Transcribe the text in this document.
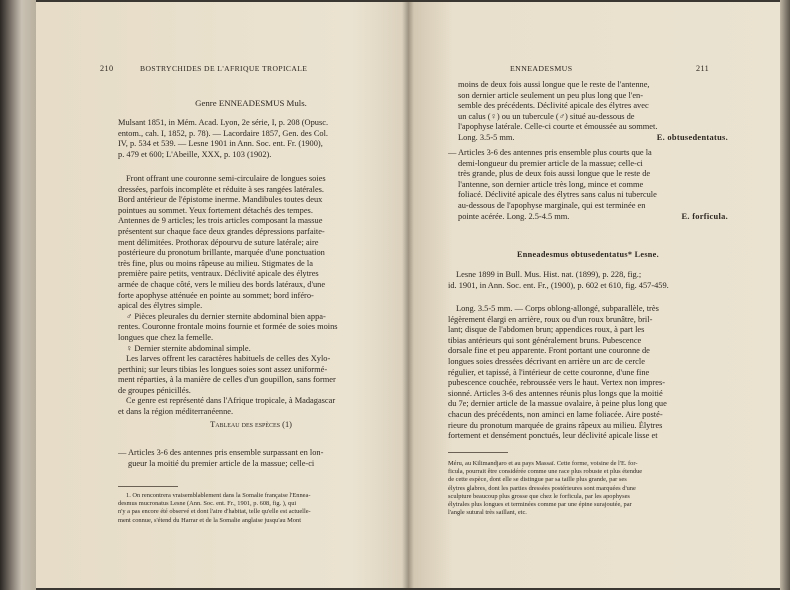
210	BOSTRYCHIDES DE L'AFRIQUE TROPICALE
Genre ENNEADESMUS Muls.
Mulsant 1851, in Mém. Acad. Lyon, 2e série, I, p. 208 (Opusc.
entom., cah. I, 1852, p. 78). — Lacordaire 1857, Gen. des Col.
IV, p. 534 et 539. — Lesne 1901 in Ann. Soc. ent. Fr. (1900),
p. 479 et 600; L'Abeille, XXX, p. 103 (1902).
Front offrant une couronne semi-circulaire de longues soies
dressées, parfois incomplète et réduite à ses rangées latérales.
Bord antérieur de l'épistome inerme. Mandibules toutes deux
pointues au sommet. Yeux fortement détachés des tempes.
Antennes de 9 articles; les trois articles composant la massue
présentent sur chaque face deux grandes dépressions parfaite-
ment délimitées. Prothorax dépourvu de suture latérale; aire
postérieure du pronotum brillante, marquée d'une ponctuation
très fine, plus ou moins râpeuse au milieu. Stigmates de la
première paire petits, ventraux. Déclivité apicale des élytres
armée de chaque côté, vers le milieu des bords latéraux, d'une
forte apophyse atténuée en pointe au sommet; bord inféro-
apical des élytres simple.
♂ Pièces pleurales du dernier sternite abdominal bien appa-
rentes. Couronne frontale moins fournie et formée de soies moins
longues que chez la femelle.
♀ Dernier sternite abdominal simple.
Les larves offrent les caractères habituels de celles des Xylo-
perthini; sur leurs tibias les longues soies sont assez uniformé-
ment réparties, à la manière de celles d'un goupillon, sans former
de groupes pénicillés.
Ce genre est représenté dans l'Afrique tropicale, à Madagascar
et dans la région méditerranéenne.
Tableau des espèces (1)
— Articles 3-6 des antennes pris ensemble surpassant en lon-
gueur la moitié du premier article de la massue; celle-ci
1. On rencontrera vraisemblablement dans la Somalie française l'Ennea-
desmus mucronatus Lesne (Ann. Soc. ent. Fr., 1901, p. 608, fig. ), qui
n'y a pas encore été observé et dont l'aire d'habitat, telle qu'elle est actuelle-
ment connue, s'étend du Harrar et de la Somalie anglaise jusqu'au Mont
ENNEADESMUS	211
moins de deux fois aussi longue que le reste de l'antenne,
son dernier article seulement un peu plus long que l'en-
semble des précédents. Déclivité apicale des élytres avec
un calus (♀) ou un tubercule (♂) situé au-dessous de
l'apophyse latérale. Celle-ci courte et émoussée au sommet.
Long. 3.5-5 mm.	E. obtusedentatus.
— Articles 3-6 des antennes pris ensemble plus courts que la
demi-longueur du premier article de la massue; celle-ci
très grande, plus de deux fois aussi longue que le reste de
l'antenne, son dernier article très long, mince et comme
foliacé. Déclivité apicale des élytres sans calus ni tubercule
au-dessous de l'apophyse marginale, qui est terminée en
pointe acérée. Long. 2.5-4.5 mm.	E. forficula.
Enneadesmus obtusedentatus* Lesne.
Lesne 1899 in Bull. Mus. Hist. nat. (1899), p. 228, fig.;
id. 1901, in Ann. Soc. ent. Fr., (1900), p. 602 et 610, fig. 457-459.
Long. 3.5-5 mm. — Corps oblong-allongé, subparallèle, très
légèrement élargi en arrière, roux ou d'un roux brunâtre, bril-
lant; disque de l'abdomen brun; appendices roux, à part les
tibias antérieurs qui sont généralement bruns. Pubescence
dorsale fine et peu apparente. Front portant une couronne de
longues soies dressées décrivant en arrière un arc de cercle
régulier, et tapissé, à l'intérieur de cette couronne, d'une fine
pubescence couchée, rebroussée vers le haut. Vertex non impres-
sionné. Articles 3-6 des antennes réunis plus longs que la moitié
du 7e; dernier article de la massue ovalaire, à peine plus long que
chacun des précédents, non aminci en lame foliacée. Aire posté-
rieure du pronotum marquée de grains râpeux au milieu. Élytres
fortement et densément ponctués, leur déclivité apicale lisse et
Méru, au Kilimandjaro et au pays Massaï. Cette forme, voisine de l'E. for-
ficula, pourrait être considérée comme une race plus robuste et plus étendue
de cette espèce, dont elle se distingue par sa taille plus grande, par ses
élytres glabres, dont les parties dressées postérieures sont marquées d'une
sculpture beaucoup plus grosse que chez le forficula, par les apophyses
élytrales plus longues et terminées comme par une épine surajoutée, par
l'angle sutural très saillant, etc.
